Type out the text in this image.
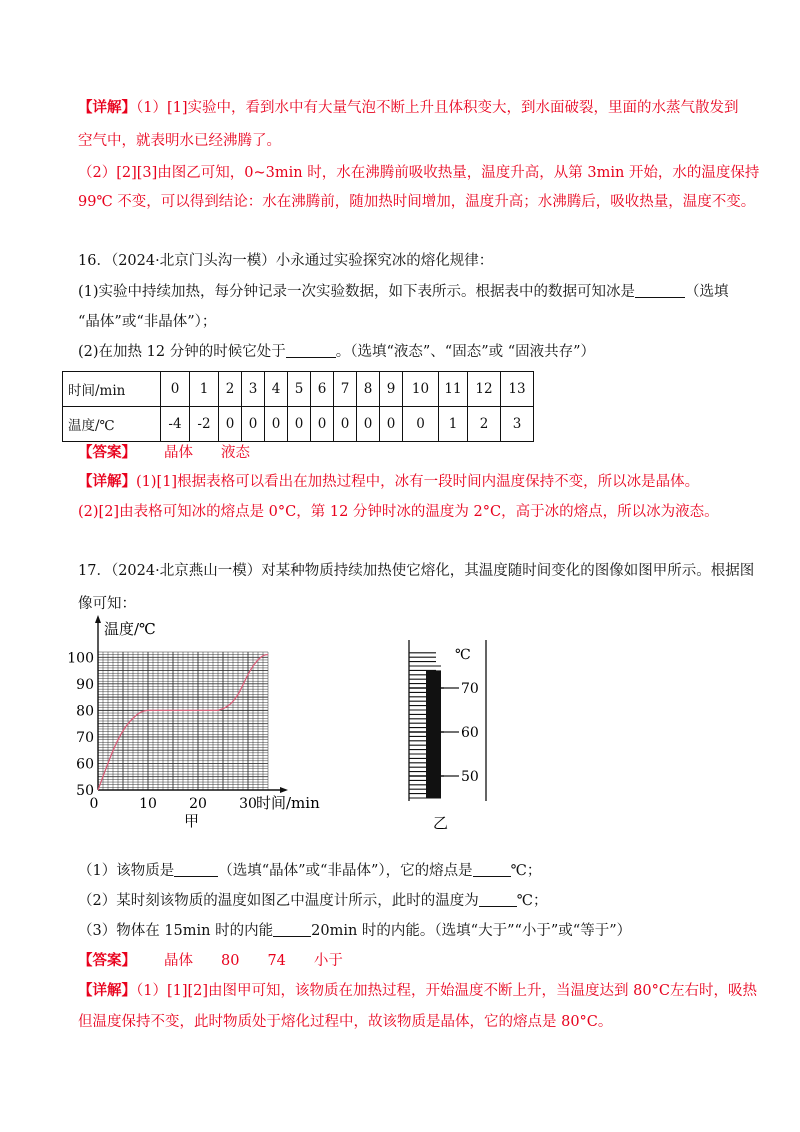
【详解】（1）[1]实验中，看到水中有大量气泡不断上升且体积变大，到水面破裂，里面的水蒸气散发到
空气中，就表明水已经沸腾了。
（2）[2][3]由图乙可知，0~3min 时，水在沸腾前吸收热量，温度升高，从第 3min 开始，水的温度保持
99℃ 不变，可以得到结论：水在沸腾前，随加热时间增加，温度升高；水沸腾后，吸收热量，温度不变。
16．（2024·北京门头沟一模）小永通过实验探究冰的熔化规律：
(1)实验中持续加热，每分钟记录一次实验数据，如下表所示。根据表中的数据可知冰是	（选填
“晶体”或“非晶体”）；
(2)在加热 12 分钟的时候它处于	。（选填“液态”、“固态”或 “固液共存”）
时间/min	0	1	2	3	4	5	6	7	8	9	10	11	12	13
温度/℃	-4	-2	0	0	0	0	0	0	0	0	0	1	2	3
【答案】 晶体 液态
【详解】(1)[1]根据表格可以看出在加热过程中，冰有一段时间内温度保持不变，所以冰是晶体。
(2)[2]由表格可知冰的熔点是 0°C，第 12 分钟时冰的温度为 2°C，高于冰的熔点，所以冰为液态。
17．（2024·北京燕山一模）对某种物质持续加热使它熔化，其温度随时间变化的图像如图甲所示。根据图
像可知：
温度/℃
时间/min
100
90
80
70
60
50
0	10 20 30
甲
℃
70
60
50
乙
（1）该物质是	（选填“晶体”或“非晶体”），它的熔点是	℃；
（2）某时刻该物质的温度如图乙中温度计所示，此时的温度为	℃；
（3）物体在 15min 时的内能	20min 时的内能。（选填“大于”“小于”或“等于”）
【答案】 晶体 80 74 小于
【详解】（1）[1][2]由图甲可知，该物质在加热过程，开始温度不断上升，当温度达到 80°C左右时，吸热
但温度保持不变，此时物质处于熔化过程中，故该物质是晶体，它的熔点是 80°C。
